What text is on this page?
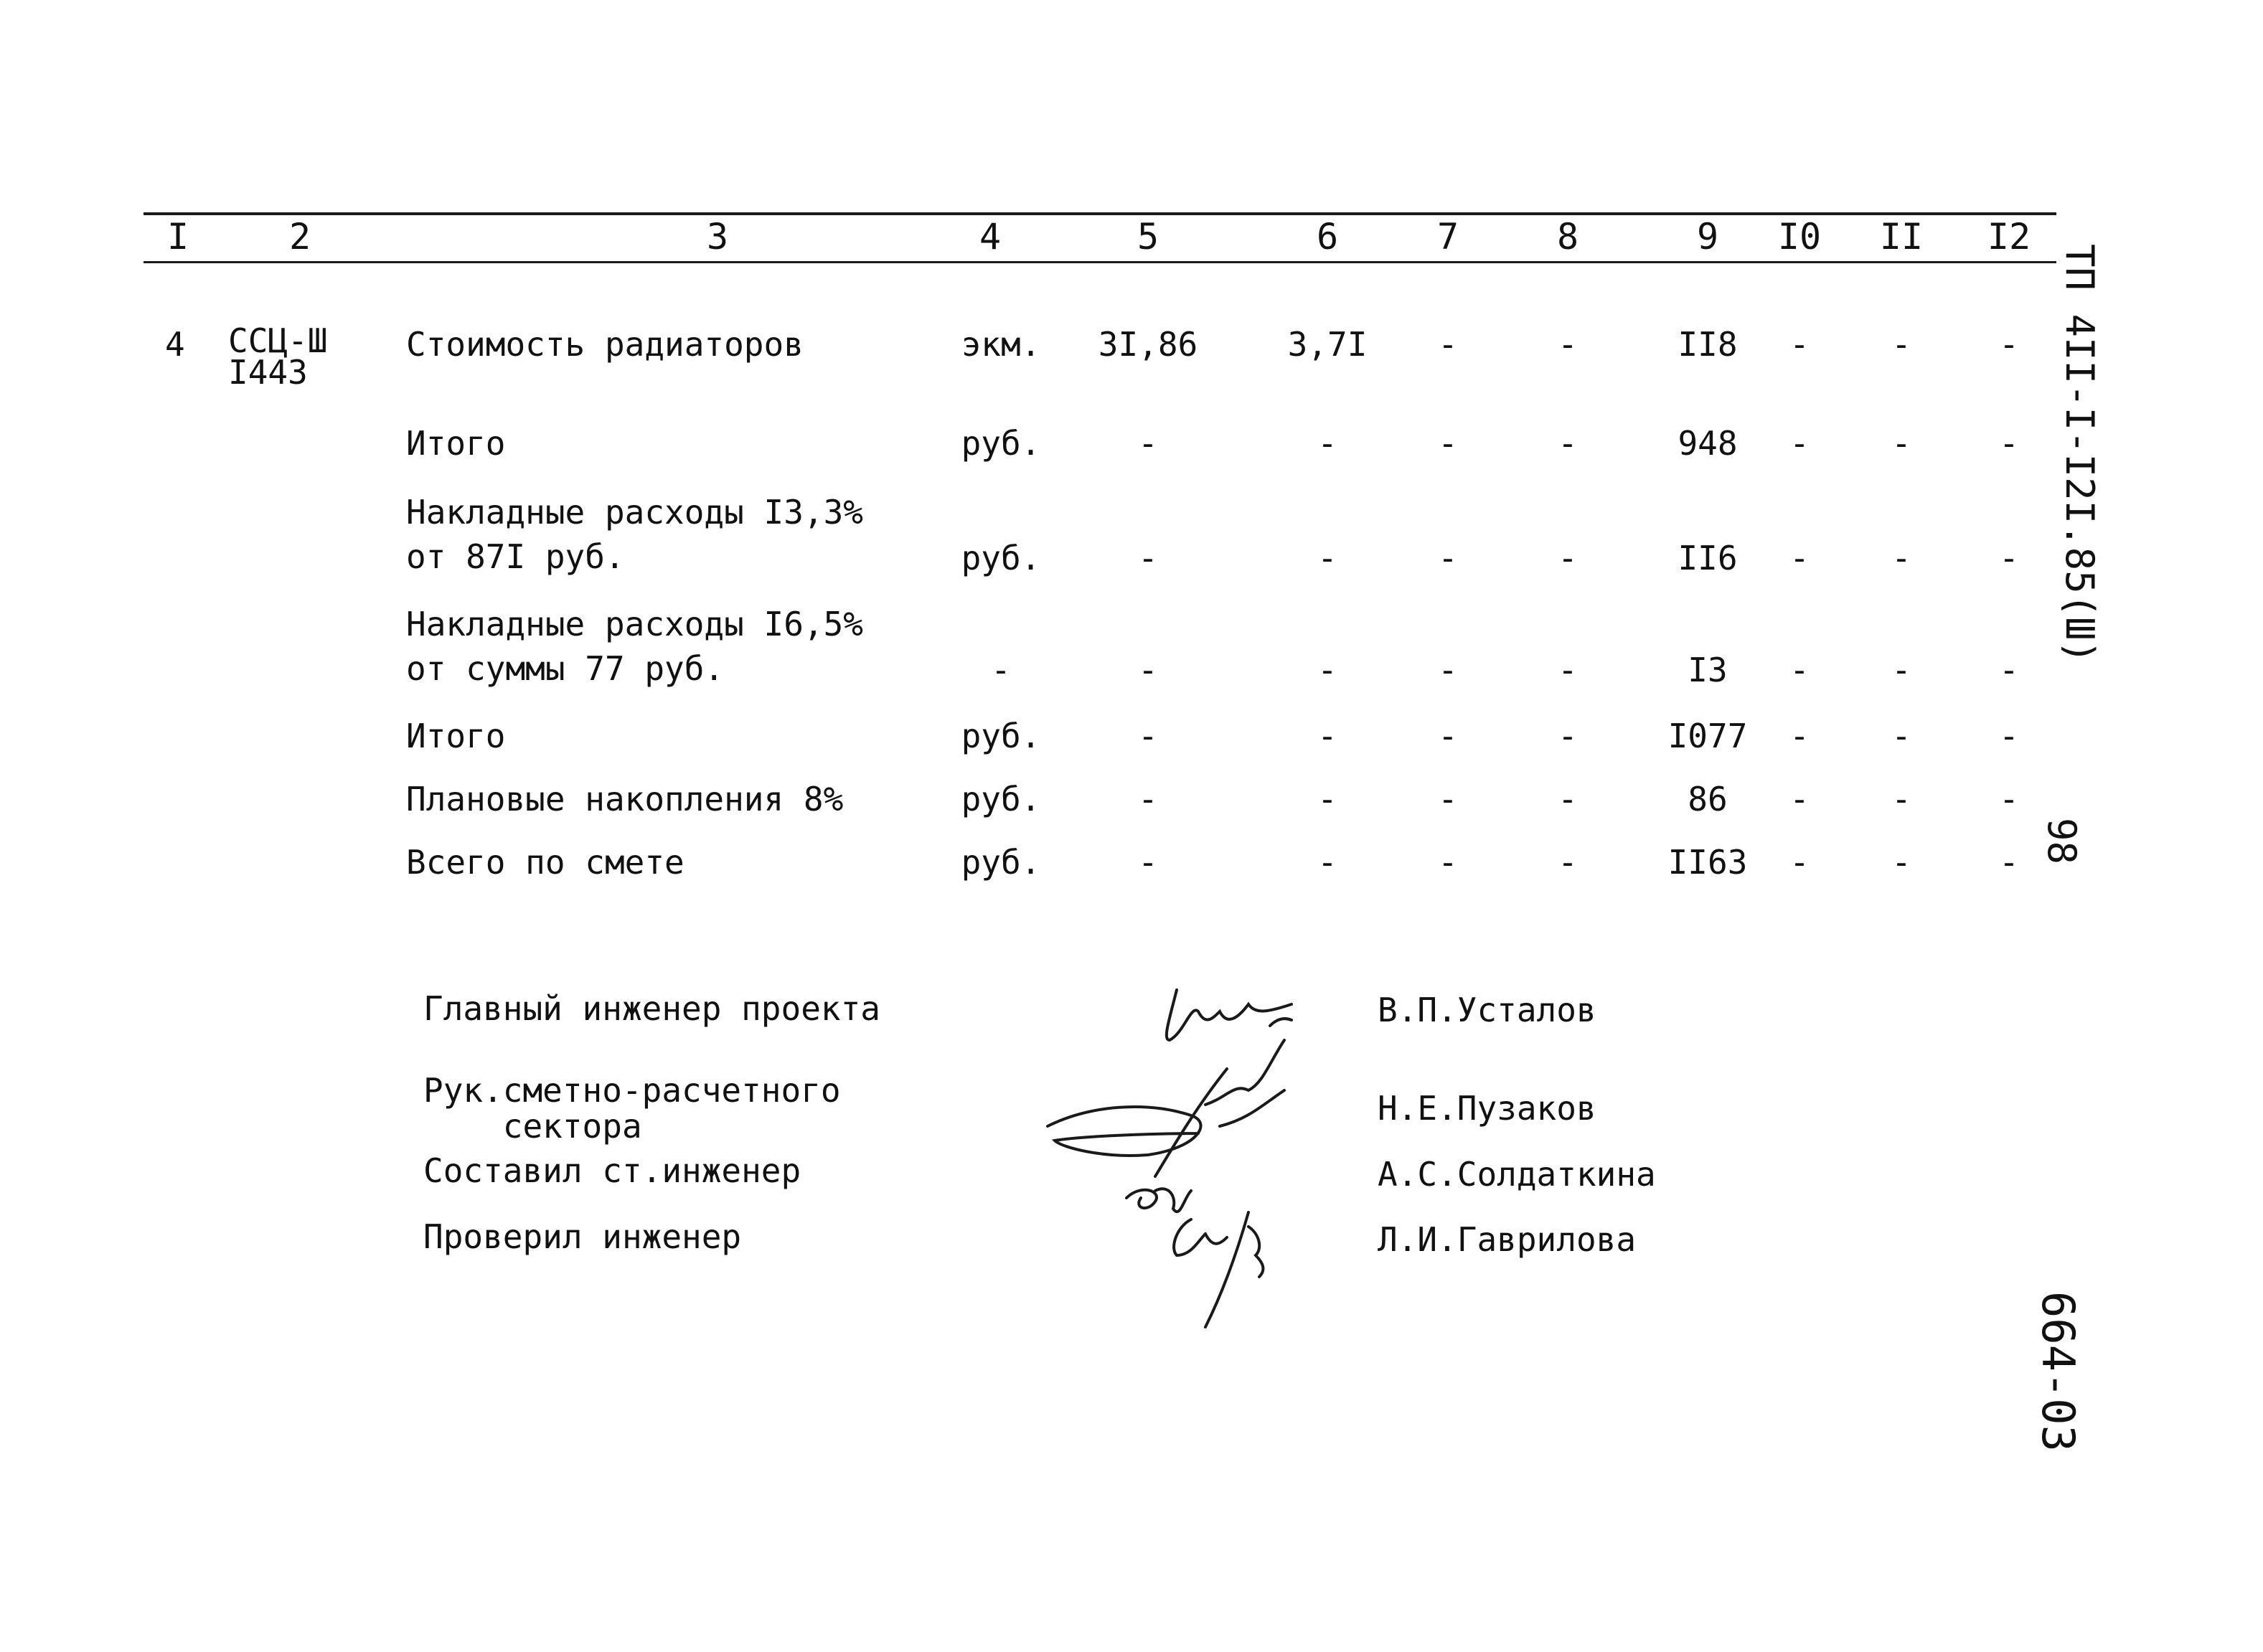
I	2	3	4	5	6	7	8	9	I0 II I2
4	ССЦ-Ш
I443
Стоимость радиаторов	экм.	3I,86	3,7I	-	-	II8	-	-	-
Итого	руб.	-	-	-	-	948	-	-	-
Накладные расходы I3,3%
от 87I руб.	руб.	-	-	-	-	II6	-	-	-
Накладные расходы I6,5%
от суммы 77 руб.	-	-	-	-	-	I3	-	-	-
Итого	руб.	-	-	-	-	I077	-	-	-
Плановые накопления 8%	руб.	-	-	-	-	86	-	-	-
Всего по смете	руб.	-	-	-	-	II63	-	-	-
Главный инженер проекта	В.П.Усталов
Рук.сметно-расчетного
сектора	Н.Е.Пузаков
Составил ст.инженер	А.С.Солдаткина
Проверил инженер	Л.И.Гаврилова
ТП 4II-I-I2I.85(Ш)
98
664-03
